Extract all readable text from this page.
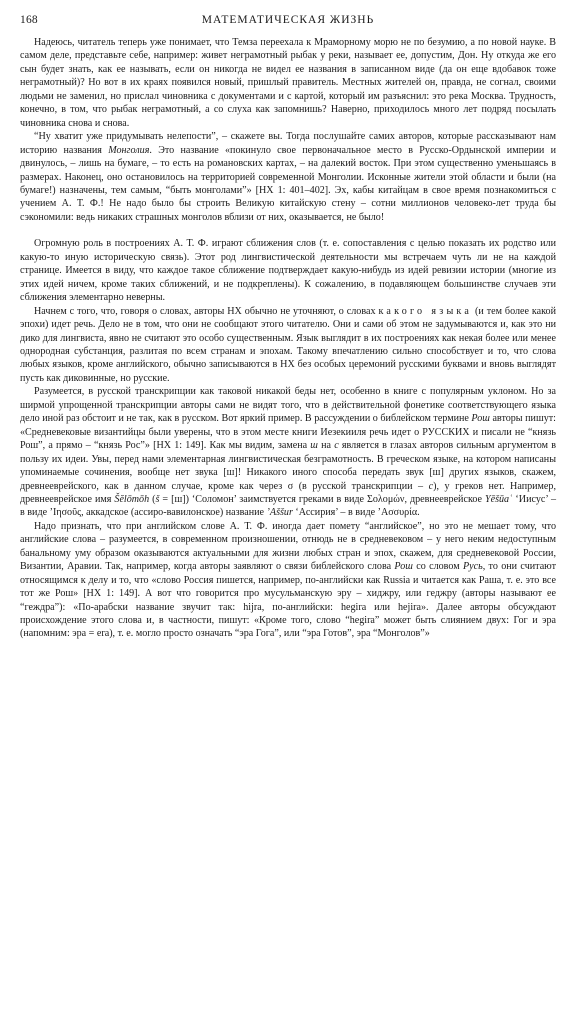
168	МАТЕМАТИЧЕСКАЯ ЖИЗНЬ

Надеюсь, читатель теперь уже понимает, что Темза переехала к Мраморному морю не по безумию, а по новой науке. В самом деле, представьте себе, например: живет неграмотный рыбак у реки, называет ее, допустим, Дон. Ну откуда же его сын будет знать, как ее называть, если он никогда не видел ее названия в записанном виде (да он еще вдобавок тоже неграмотный)? Но вот в их краях появился новый, пришлый правитель. Местных жителей он, правда, не согнал, своими людьми не заменил, но прислал чиновника с документами и с картой, который им разъяснил: это река Москва. Трудность, конечно, в том, что рыбак неграмотный, а со слуха как запомнишь? Наверно, приходилось много лет подряд посылать чиновника снова и снова.

“Ну хватит уже придумывать нелепости”, – скажете вы. Тогда послушайте самих авторов, которые рассказывают нам историю названия Монголия. Это название «покинуло свое первоначальное место в Русско-Ордынской империи и двинулось, – лишь на бумаге, – то есть на романовских картах, – на далекий восток. При этом существенно уменьшаясь в размерах. Наконец, оно остановилось на территорией современной Монголии. Исконные жители этой области и были (на бумаге!) назначены, тем самым, “быть монголами”» [НХ 1: 401–402]. Эх, кабы китайцам в свое время познакомиться с учением А. Т. Ф.! Не надо было бы строить Великую китайскую стену – сотни миллионов человеко-лет труда бы сэкономили: ведь никаких страшных монголов вблизи от них, оказывается, не было!

Огромную роль в построениях А. Т. Ф. играют сближения слов (т. е. сопоставления с целью показать их родство или какую-то иную историческую связь). Этот род лингвистической деятельности мы встречаем чуть ли не на каждой странице. Имеется в виду, что каждое такое сближение подтверждает какую-нибудь из идей ревизии истории (многие из этих идей ничем, кроме таких сближений, и не подкреплены). К сожалению, в подавляющем большинстве случаев эти сближения элементарно неверны.

Начнем с того, что, говоря о словах, авторы НХ обычно не уточняют, о словах какого языка (и тем более какой эпохи) идет речь. Дело не в том, что они не сообщают этого читателю. Они и сами об этом не задумываются и, как это ни дико для лингвиста, явно не считают это особо существенным. Язык выглядит в их построениях как некая более или менее однородная субстанция, разлитая по всем странам и эпохам. Такому впечатлению сильно способствует и то, что слова любых языков, кроме английского, обычно записываются в НХ без особых церемоний русскими буквами и вновь выглядят пусть как диковинные, но русские.

Разумеется, в русской транскрипции как таковой никакой беды нет, особенно в книге с популярным уклоном. Но за ширмой упрощенной транскрипции авторы сами не видят того, что в действительной фонетике соответствующего языка дело иной раз обстоит и не так, как в русском. Вот яркий пример. В рассуждении о библейском термине Рош авторы пишут: «Средневековые византийцы были уверены, что в этом месте книги Иезекииля речь идет о РУССКИХ и писали не “князь Рош”, а прямо – “князь Рос”» [НХ 1: 149]. Как мы видим, замена ш на с является в глазах авторов сильным аргументом в пользу их идеи. Увы, перед нами элементарная лингвистическая безграмотность. В греческом языке, на котором написаны упоминаемые сочинения, вообще нет звука [ш]! Никакого иного способа передать звук [ш] других языков, скажем, древнееврейского, как в данном случае, кроме как через σ (в русской транскрипции – с), у греков нет. Например, древнееврейское имя Šĕlōmōh (š = [ш]) ‘Соломон’ заимствуется греками в виде Σολομών, древнееврейское Yēšūaʿ ‘Иисус’ – в виде ʼΙησοῦς, аккадское (ассиро-вавилонское) название ʼAššur ‘Ассирия’ – в виде ʼΑσσυρία.

Надо признать, что при английском слове А. Т. Ф. иногда дает помету “английское”, но это не мешает тому, что английские слова – разумеется, в современном произношении, отнюдь не в средневековом – у него неким недоступным банальному уму образом оказываются актуальными для жизни любых стран и эпох, скажем, для средневековой России, Византии, Аравии. Так, например, когда авторы заявляют о связи библейского слова Рош со словом Русь, то они считают относящимся к делу и то, что «слово Россия пишется, например, по-английски как Russia и читается как Раша, т. е. это все тот же Рош» [НХ 1: 149]. А вот что говорится про мусульманскую эру – хиджру, или геджру (авторы называют ее “геждра”): «По-арабски название звучит так: hijra, по-английски: hegira или hejira». Далее авторы обсуждают происхождение этого слова и, в частности, пишут: «Кроме того, слово “hegira” может быть слиянием двух: Гог и эра (напомним: эра = era), т. е. могло просто означать “эра Гога”, или “эра Готов”, эра “Монголов”»
